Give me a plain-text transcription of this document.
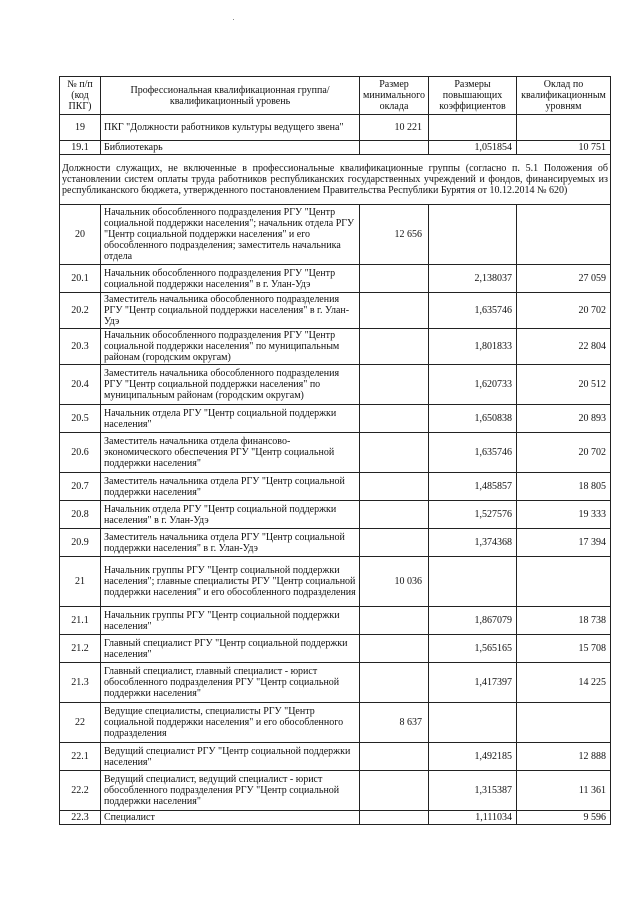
№ п/п (код ПКГ)	Профессиональная квалификационная группа/квалификационный уровень	Размер минимального оклада	Размеры повышающих коэффициентов	Оклад по квалификационным уровням
19	ПКГ "Должности работников культуры ведущего звена"	10 221		
19.1	Библиотекарь		1,051854	10 751
Должности служащих, не включенные в профессиональные квалификационные группы (согласно п. 5.1 Положения об установлении систем оплаты труда работников республиканских государственных учреждений и фондов, финансируемых из республиканского бюджета, утвержденного постановлением Правительства Республики Бурятия от 10.12.2014 № 620)				
20	Начальник обособленного подразделения РГУ "Центр социальной поддержки населения"; начальник отдела РГУ "Центр социальной поддержки населения" и его обособленного подразделения; заместитель начальника отдела	12 656		
20.1	Начальник обособленного подразделения РГУ "Центр социальной поддержки населения" в г. Улан-Удэ		2,138037	27 059
20.2	Заместитель начальника обособленного подразделения РГУ "Центр социальной поддержки населения" в г. Улан-Удэ		1,635746	20 702
20.3	Начальник обособленного подразделения РГУ "Центр социальной поддержки населения" по муниципальным районам (городским округам)		1,801833	22 804
20.4	Заместитель начальника обособленного подразделения РГУ "Центр социальной поддержки населения" по муниципальным районам (городским округам)		1,620733	20 512
20.5	Начальник отдела РГУ "Центр социальной поддержки населения"		1,650838	20 893
20.6	Заместитель начальника отдела финансово-экономического обеспечения РГУ "Центр социальной поддержки населения"		1,635746	20 702
20.7	Заместитель начальника отдела РГУ "Центр социальной поддержки населения"		1,485857	18 805
20.8	Начальник отдела РГУ "Центр социальной поддержки населения" в г. Улан-Удэ		1,527576	19 333
20.9	Заместитель начальника отдела РГУ "Центр социальной поддержки населения" в г. Улан-Удэ		1,374368	17 394
21	Начальник группы РГУ "Центр социальной поддержки населения"; главные специалисты РГУ "Центр социальной поддержки населения" и его обособленного подразделения	10 036		
21.1	Начальник группы РГУ "Центр социальной поддержки населения"		1,867079	18 738
21.2	Главный специалист РГУ "Центр социальной поддержки населения"		1,565165	15 708
21.3	Главный специалист, главный специалист - юрист обособленного подразделения РГУ "Центр социальной поддержки населения"		1,417397	14 225
22	Ведущие специалисты, специалисты РГУ "Центр социальной поддержки населения" и его обособленного подразделения	8 637		
22.1	Ведущий специалист РГУ "Центр социальной поддержки населения"		1,492185	12 888
22.2	Ведущий специалист, ведущий специалист - юрист обособленного подразделения РГУ "Центр социальной поддержки населения"		1,315387	11 361
22.3	Специалист		1,111034	9 596
